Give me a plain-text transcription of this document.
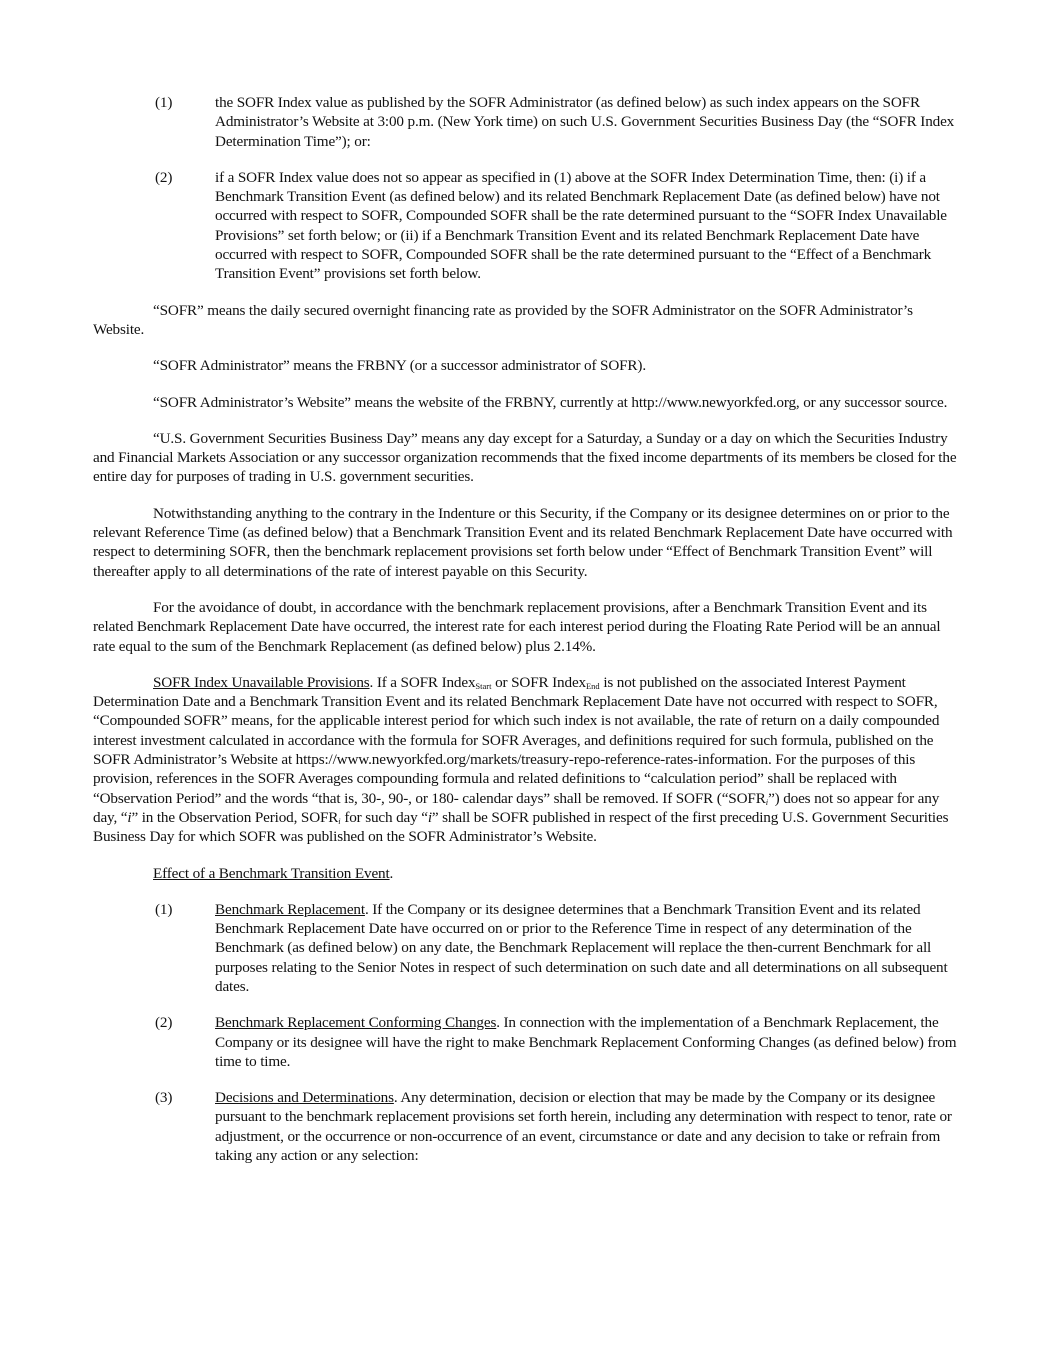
(1)	the SOFR Index value as published by the SOFR Administrator (as defined below) as such index appears on the SOFR Administrator’s Website at 3:00 p.m. (New York time) on such U.S. Government Securities Business Day (the “SOFR Index Determination Time”); or:

(2)	if a SOFR Index value does not so appear as specified in (1) above at the SOFR Index Determination Time, then: (i) if a Benchmark Transition Event (as defined below) and its related Benchmark Replacement Date (as defined below) have not occurred with respect to SOFR, Compounded SOFR shall be the rate determined pursuant to the “SOFR Index Unavailable Provisions” set forth below; or (ii) if a Benchmark Transition Event and its related Benchmark Replacement Date have occurred with respect to SOFR, Compounded SOFR shall be the rate determined pursuant to the “Effect of a Benchmark Transition Event” provisions set forth below.

“SOFR” means the daily secured overnight financing rate as provided by the SOFR Administrator on the SOFR Administrator’s Website.

“SOFR Administrator” means the FRBNY (or a successor administrator of SOFR).

“SOFR Administrator’s Website” means the website of the FRBNY, currently at http://www.newyorkfed.org, or any successor source.

“U.S. Government Securities Business Day” means any day except for a Saturday, a Sunday or a day on which the Securities Industry and Financial Markets Association or any successor organization recommends that the fixed income departments of its members be closed for the entire day for purposes of trading in U.S. government securities.

Notwithstanding anything to the contrary in the Indenture or this Security, if the Company or its designee determines on or prior to the relevant Reference Time (as defined below) that a Benchmark Transition Event and its related Benchmark Replacement Date have occurred with respect to determining SOFR, then the benchmark replacement provisions set forth below under “Effect of Benchmark Transition Event” will thereafter apply to all determinations of the rate of interest payable on this Security.

For the avoidance of doubt, in accordance with the benchmark replacement provisions, after a Benchmark Transition Event and its related Benchmark Replacement Date have occurred, the interest rate for each interest period during the Floating Rate Period will be an annual rate equal to the sum of the Benchmark Replacement (as defined below) plus 2.14%.

SOFR Index Unavailable Provisions. If a SOFR Index$_{Start}$ or SOFR Index$_{End}$ is not published on the associated Interest Payment Determination Date and a Benchmark Transition Event and its related Benchmark Replacement Date have not occurred with respect to SOFR, “Compounded SOFR” means, for the applicable interest period for which such index is not available, the rate of return on a daily compounded interest investment calculated in accordance with the formula for SOFR Averages, and definitions required for such formula, published on the SOFR Administrator’s Website at https://www.newyorkfed.org/markets/treasury-repo-reference-rates-information. For the purposes of this provision, references in the SOFR Averages compounding formula and related definitions to “calculation period” shall be replaced with “Observation Period” and the words “that is, 30-, 90-, or 180- calendar days” shall be removed. If SOFR $(“SOFR_i”)$ does not so appear for any day, “i” in the Observation Period, $SOFR_i$ for such day “i” shall be SOFR published in respect of the first preceding U.S. Government Securities Business Day for which SOFR was published on the SOFR Administrator’s Website.

Effect of a Benchmark Transition Event.

(1)	Benchmark Replacement. If the Company or its designee determines that a Benchmark Transition Event and its related Benchmark Replacement Date have occurred on or prior to the Reference Time in respect of any determination of the Benchmark (as defined below) on any date, the Benchmark Replacement will replace the then-current Benchmark for all purposes relating to the Senior Notes in respect of such determination on such date and all determinations on all subsequent dates.

(2)	Benchmark Replacement Conforming Changes. In connection with the implementation of a Benchmark Replacement, the Company or its designee will have the right to make Benchmark Replacement Conforming Changes (as defined below) from time to time.

(3)	Decisions and Determinations. Any determination, decision or election that may be made by the Company or its designee pursuant to the benchmark replacement provisions set forth herein, including any determination with respect to tenor, rate or adjustment, or the occurrence or non-occurrence of an event, circumstance or date and any decision to take or refrain from taking any action or any selection:
